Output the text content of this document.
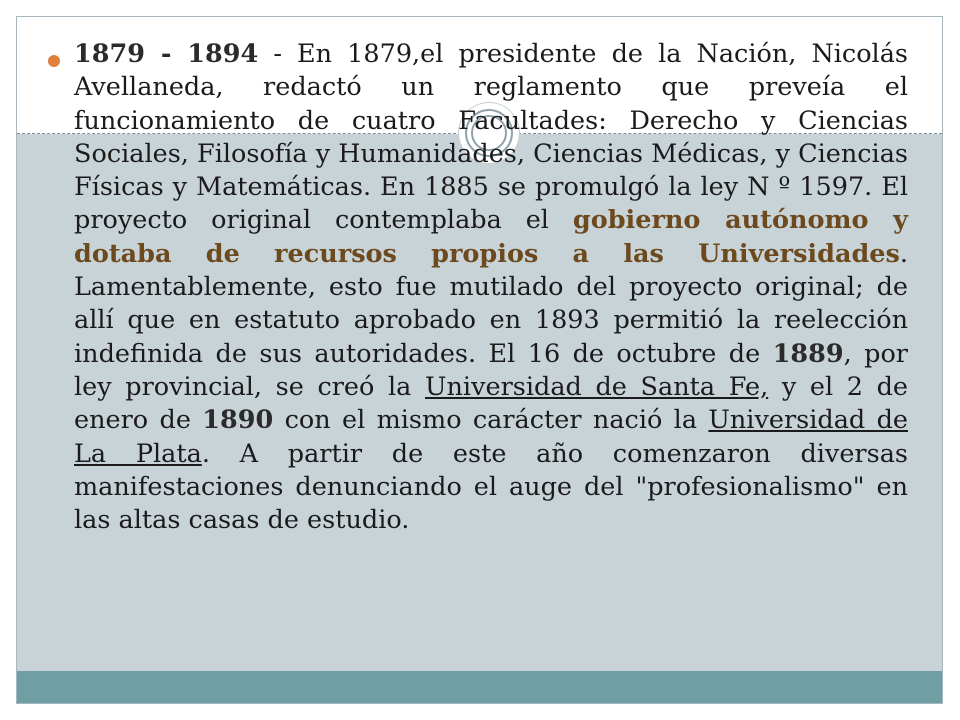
1879 - 1894 - En 1879,el presidente de la Nación, Nicolás Avellaneda, redactó un reglamento que preveía el funcionamiento de cuatro Facultades: Derecho y Ciencias Sociales, Filosofía y Humanidades, Ciencias Médicas, y Ciencias Físicas y Matemáticas. En 1885 se promulgó la ley N º 1597. El proyecto original contemplaba el gobierno autónomo y dotaba de recursos propios a las Universidades. Lamentablemente, esto fue mutilado del proyecto original; de allí que en estatuto aprobado en 1893 permitió la reelección indefinida de sus autoridades. El 16 de octubre de 1889, por ley provincial, se creó la Universidad de Santa Fe, y el 2 de enero de 1890 con el mismo carácter nació la Universidad de La Plata. A partir de este año comenzaron diversas manifestaciones denunciando el auge del "profesionalismo" en las altas casas de estudio.
